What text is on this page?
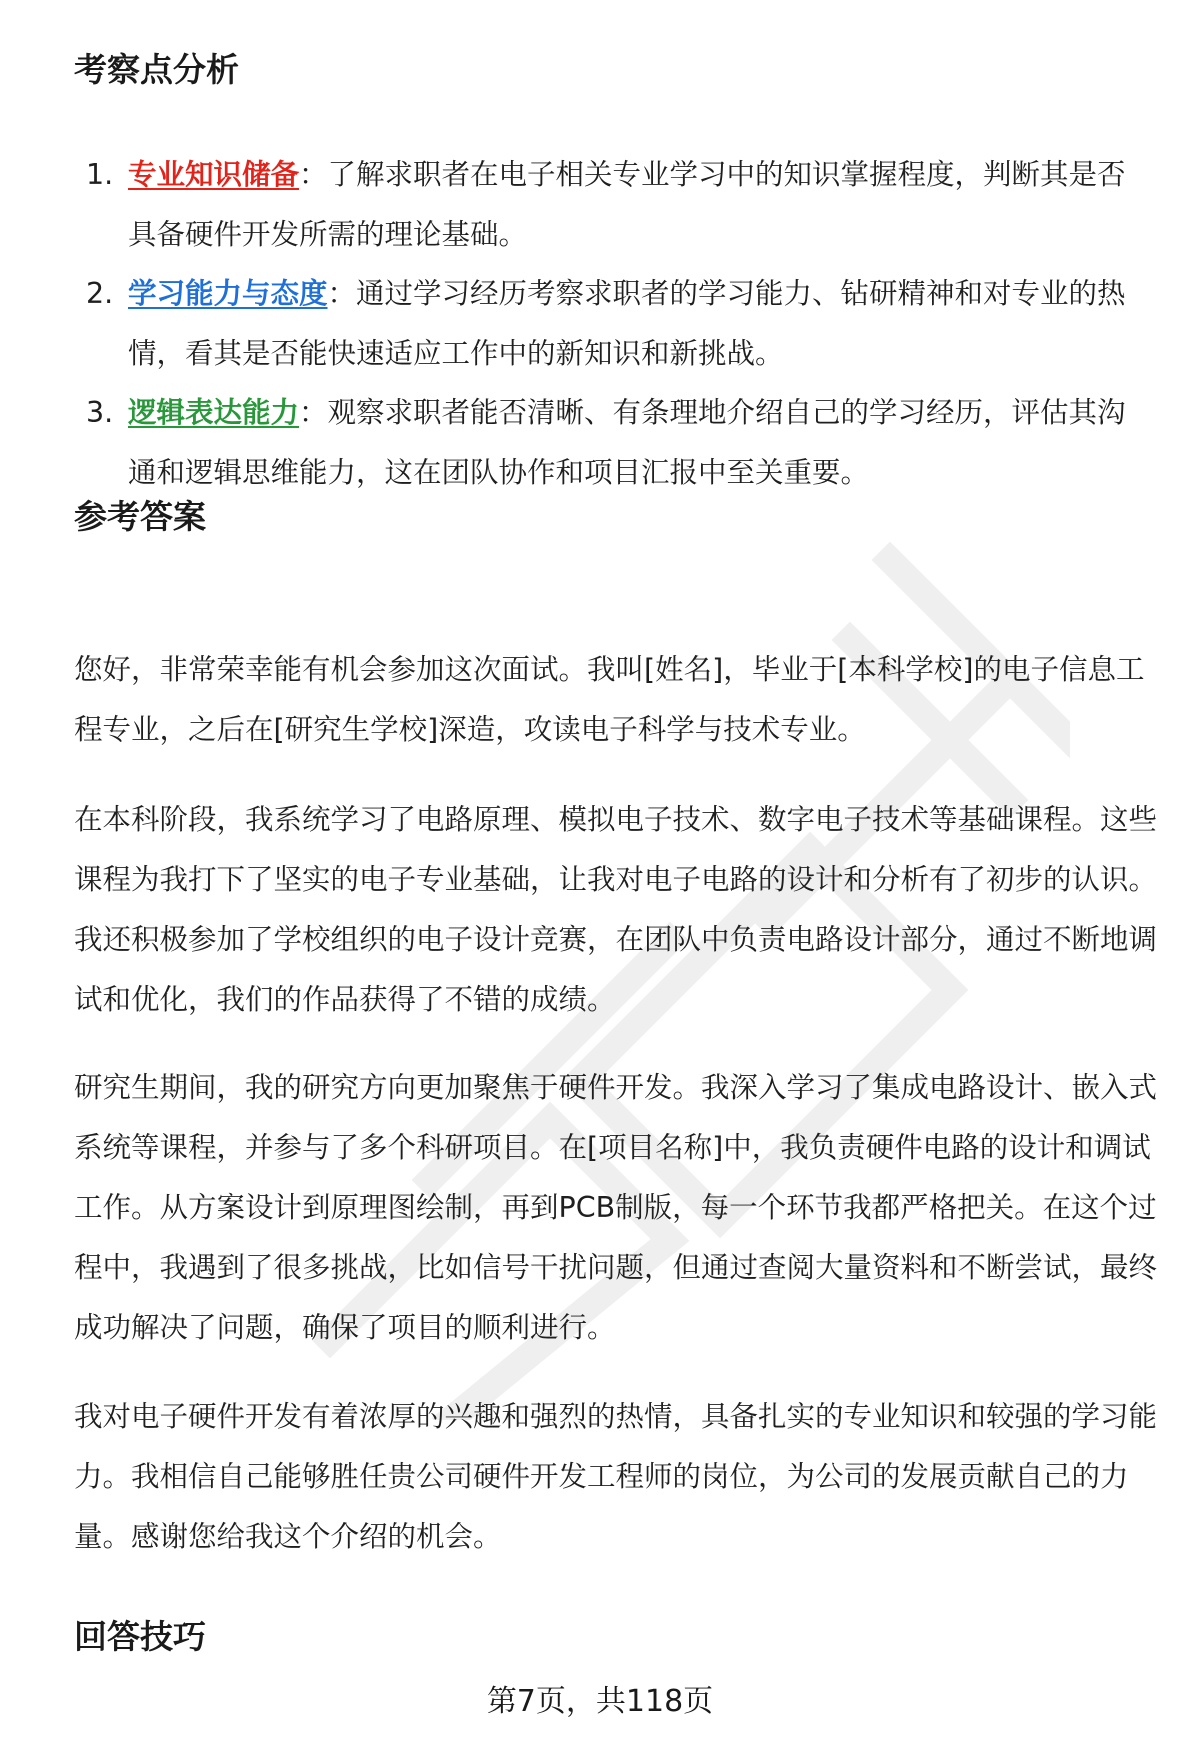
考察点分析
1. 专业知识储备：了解求职者在电子相关专业学习中的知识掌握程度，判断其是否具备硬件开发所需的理论基础。
2. 学习能力与态度：通过学习经历考察求职者的学习能力、钻研精神和对专业的热情，看其是否能快速适应工作中的新知识和新挑战。
3. 逻辑表达能力：观察求职者能否清晰、有条理地介绍自己的学习经历，评估其沟通和逻辑思维能力，这在团队协作和项目汇报中至关重要。
参考答案

您好，非常荣幸能有机会参加这次面试。我叫[姓名]，毕业于[本科学校]的电子信息工程专业，之后在[研究生学校]深造，攻读电子科学与技术专业。

在本科阶段，我系统学习了电路原理、模拟电子技术、数字电子技术等基础课程。这些课程为我打下了坚实的电子专业基础，让我对电子电路的设计和分析有了初步的认识。我还积极参加了学校组织的电子设计竞赛，在团队中负责电路设计部分，通过不断地调试和优化，我们的作品获得了不错的成绩。

研究生期间，我的研究方向更加聚焦于硬件开发。我深入学习了集成电路设计、嵌入式系统等课程，并参与了多个科研项目。在[项目名称]中，我负责硬件电路的设计和调试工作。从方案设计到原理图绘制，再到PCB制版，每一个环节我都严格把关。在这个过程中，我遇到了很多挑战，比如信号干扰问题，但通过查阅大量资料和不断尝试，最终成功解决了问题，确保了项目的顺利进行。

我对电子硬件开发有着浓厚的兴趣和强烈的热情，具备扎实的专业知识和较强的学习能力。我相信自己能够胜任贵公司硬件开发工程师的岗位，为公司的发展贡献自己的力量。感谢您给我这个介绍的机会。

回答技巧
第7页，共118页
